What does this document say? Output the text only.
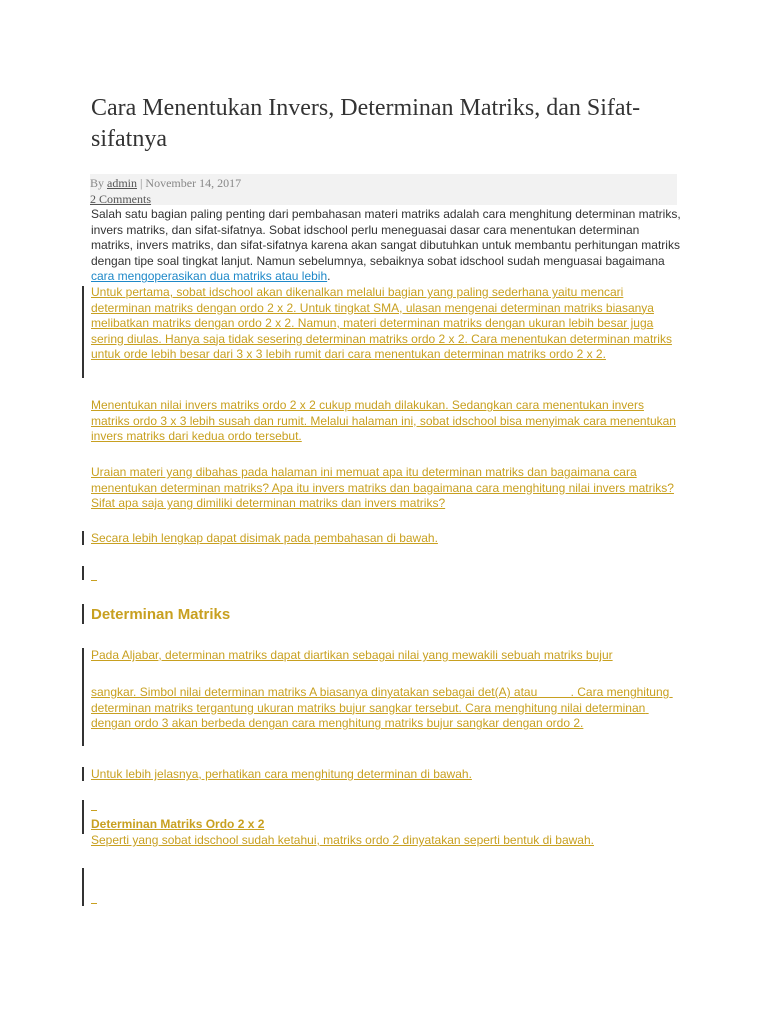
Cara Menentukan Invers, Determinan Matriks, dan Sifat-sifatnya
By admin | November 14, 2017
2 Comments

Salah satu bagian paling penting dari pembahasan materi matriks adalah cara menghitung determinan matriks, invers matriks, dan sifat-sifatnya. Sobat idschool perlu meneguasai dasar cara menentukan determinan matriks, invers matriks, dan sifat-sifatnya karena akan sangat dibutuhkan untuk membantu perhitungan matriks dengan tipe soal tingkat lanjut. Namun sebelumnya, sebaiknya sobat idschool sudah menguasai bagaimana cara mengoperasikan dua matriks atau lebih.

Untuk pertama, sobat idschool akan dikenalkan melalui bagian yang paling sederhana yaitu mencari determinan matriks dengan ordo 2 x 2. Untuk tingkat SMA, ulasan mengenai determinan matriks biasanya melibatkan matriks dengan ordo 2 x 2. Namun, materi determinan matriks dengan ukuran lebih besar juga sering diulas. Hanya saja tidak sesering determinan matriks ordo 2 x 2. Cara menentukan determinan matriks untuk orde lebih besar dari 3 x 3 lebih rumit dari cara menentukan determinan matriks ordo 2 x 2.

Menentukan nilai invers matriks ordo 2 x 2 cukup mudah dilakukan. Sedangkan cara menentukan invers matriks ordo 3 x 3 lebih susah dan rumit. Melalui halaman ini, sobat idschool bisa menyimak cara menentukan invers matriks dari kedua ordo tersebut.

Uraian materi yang dibahas pada halaman ini memuat apa itu determinan matriks dan bagaimana cara menentukan determinan matriks? Apa itu invers matriks dan bagaimana cara menghitung nilai invers matriks? Sifat apa saja yang dimiliki determinan matriks dan invers matriks?

Secara lebih lengkap dapat disimak pada pembahasan di bawah.

Determinan Matriks

Pada Aljabar, determinan matriks dapat diartikan sebagai nilai yang mewakili sebuah matriks bujur

sangkar. Simbol nilai determinan matriks A biasanya dinyatakan sebagai det(A) atau          . Cara menghitung determinan matriks tergantung ukuran matriks bujur sangkar tersebut. Cara menghitung nilai determinan dengan ordo 3 akan berbeda dengan cara menghitung matriks bujur sangkar dengan ordo 2.

Untuk lebih jelasnya, perhatikan cara menghitung determinan di bawah.

Determinan Matriks Ordo 2 x 2

Seperti yang sobat idschool sudah ketahui, matriks ordo 2 dinyatakan seperti bentuk di bawah.
